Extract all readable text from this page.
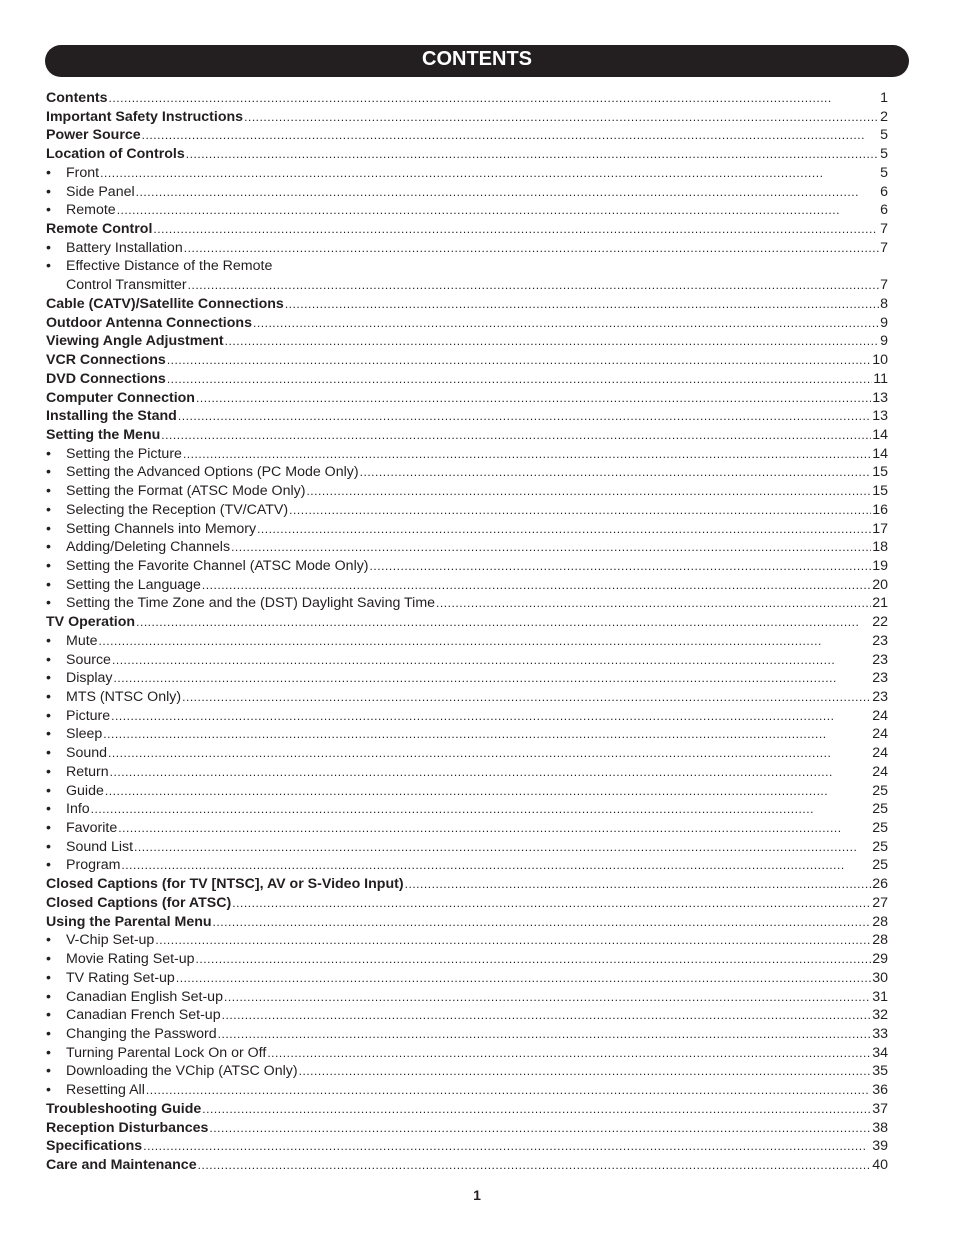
CONTENTS
Contents . . .	1
Important Safety Instructions . . .	2
Power Source . . .	5
Location of Controls . . .	5
•	Front . . .	5
•	Side Panel . . .	6
•	Remote . . .	6
Remote Control . . .	7
•	Battery Installation . . .	7
•	Effective Distance of the Remote
Control Transmitter . . .	7
Cable (CATV)/Satellite Connections . . .	8
Outdoor Antenna Connections . . .	9
Viewing Angle Adjustment . . .	9
VCR Connections . . .	10
DVD Connections . . .	11
Computer Connection . . .	13
Installing the Stand . . .	13
Setting the Menu . . .	14
•	Setting the Picture . . .	14
•	Setting the Advanced Options (PC Mode Only) . . .	15
•	Setting the Format (ATSC Mode Only) . . .	15
•	Selecting the Reception (TV/CATV) . . .	16
•	Setting Channels into Memory . . .	17
•	Adding/Deleting Channels . . .	18
•	Setting the Favorite Channel (ATSC Mode Only) . . .	19
•	Setting the Language . . .	20
•	Setting the Time Zone and the (DST) Daylight Saving Time . . .	21
TV Operation . . .	22
•	Mute . . .	23
•	Source . . .	23
•	Display . . .	23
•	MTS (NTSC Only) . . .	23
•	Picture . . .	24
•	Sleep . . .	24
•	Sound . . .	24
•	Return . . .	24
•	Guide . . .	25
•	Info . . .	25
•	Favorite . . .	25
•	Sound List . . .	25
•	Program . . .	25
Closed Captions (for TV [NTSC], AV or S-Video Input) . . .	26
Closed Captions (for ATSC) . . .	27
Using the Parental Menu . . .	28
•	V-Chip Set-up . . .	28
•	Movie Rating Set-up . . .	29
•	TV Rating Set-up . . .	30
•	Canadian English Set-up . . .	31
•	Canadian French Set-up . . .	32
•	Changing the Password . . .	33
•	Turning Parental Lock On or Off . . .	34
•	Downloading the VChip (ATSC Only) . . .	35
•	Resetting All . . .	36
Troubleshooting Guide . . .	37
Reception Disturbances . . .	38
Specifications . . .	39
Care and Maintenance . . .	40
1
